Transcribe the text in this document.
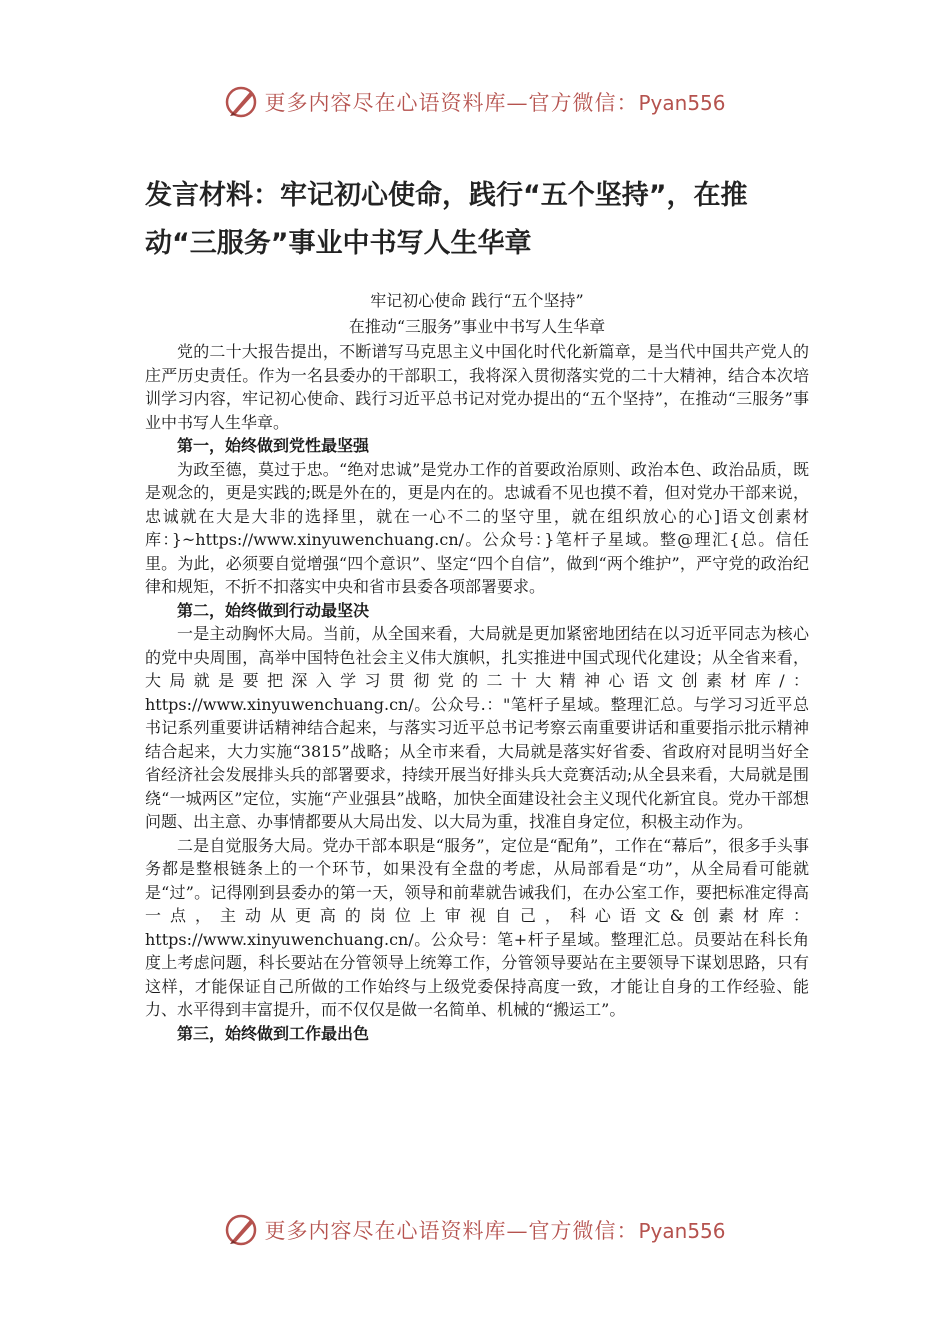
更多内容尽在心语资料库—官方微信：Pyan556
发言材料：牢记初心使命，践行“五个坚持”，在推动“三服务”事业中书写人生华章

牢记初心使命 践行“五个坚持”

在推动“三服务”事业中书写人生华章

党的二十大报告提出，不断谱写马克思主义中国化时代化新篇章，是当代中国共产党人的庄严历史责任。作为一名县委办的干部职工，我将深入贯彻落实党的二十大精神，结合本次培训学习内容，牢记初心使命、践行习近平总书记对党办提出的“五个坚持”，在推动“三服务”事业中书写人生华章。

第一，始终做到党性最坚强

为政至德，莫过于忠。“绝对忠诚”是党办工作的首要政治原则、政治本色、政治品质，既是观念的，更是实践的;既是外在的，更是内在的。忠诚看不见也摸不着，但对党办干部来说，忠诚就在大是大非的选择里，就在一心不二的坚守里，就在组织放心的心]语文创素材库：}~https://www.xinyuwenchuang.cn/。公众号：}笔杆子星域。整@理汇{总。信任里。为此，必须要自觉增强“四个意识”、坚定“四个自信”，做到“两个维护”，严守党的政治纪律和规矩，不折不扣落实中央和省市县委各项部署要求。

第二，始终做到行动最坚决

一是主动胸怀大局。当前，从全国来看，大局就是更加紧密地团结在以习近平同志为核心的党中央周围，高举中国特色社会主义伟大旗帜，扎实推进中国式现代化建设；从全省来看，大局就是要把深入学习贯彻党的二十大精神心语文创素材库/：https://www.xinyuwenchuang.cn/。公众号.："笔杆子星域。整理汇总。与学习习近平总书记系列重要讲话精神结合起来，与落实习近平总书记考察云南重要讲话和重要指示批示精神结合起来，大力实施“3815”战略；从全市来看，大局就是落实好省委、省政府对昆明当好全省经济社会发展排头兵的部署要求，持续开展当好排头兵大竞赛活动;从全县来看，大局就是围绕“一城两区”定位，实施“产业强县”战略，加快全面建设社会主义现代化新宜良。党办干部想问题、出主意、办事情都要从大局出发、以大局为重，找准自身定位，积极主动作为。

二是自觉服务大局。党办干部本职是“服务”，定位是“配角”，工作在“幕后”，很多手头事务都是整根链条上的一个环节，如果没有全盘的考虑，从局部看是“功”，从全局看可能就是“过”。记得刚到县委办的第一天，领导和前辈就告诫我们，在办公室工作，要把标准定得高一点，主动从更高的岗位上审视自己，科心语文&创素材库：https://www.xinyuwenchuang.cn/。公众号：笔+杆子星域。整理汇总。员要站在科长角度上考虑问题，科长要站在分管领导上统筹工作，分管领导要站在主要领导下谋划思路，只有这样，才能保证自己所做的工作始终与上级党委保持高度一致，才能让自身的工作经验、能力、水平得到丰富提升，而不仅仅是做一名简单、机械的“搬运工”。

第三，始终做到工作最出色

更多内容尽在心语资料库—官方微信：Pyan556
